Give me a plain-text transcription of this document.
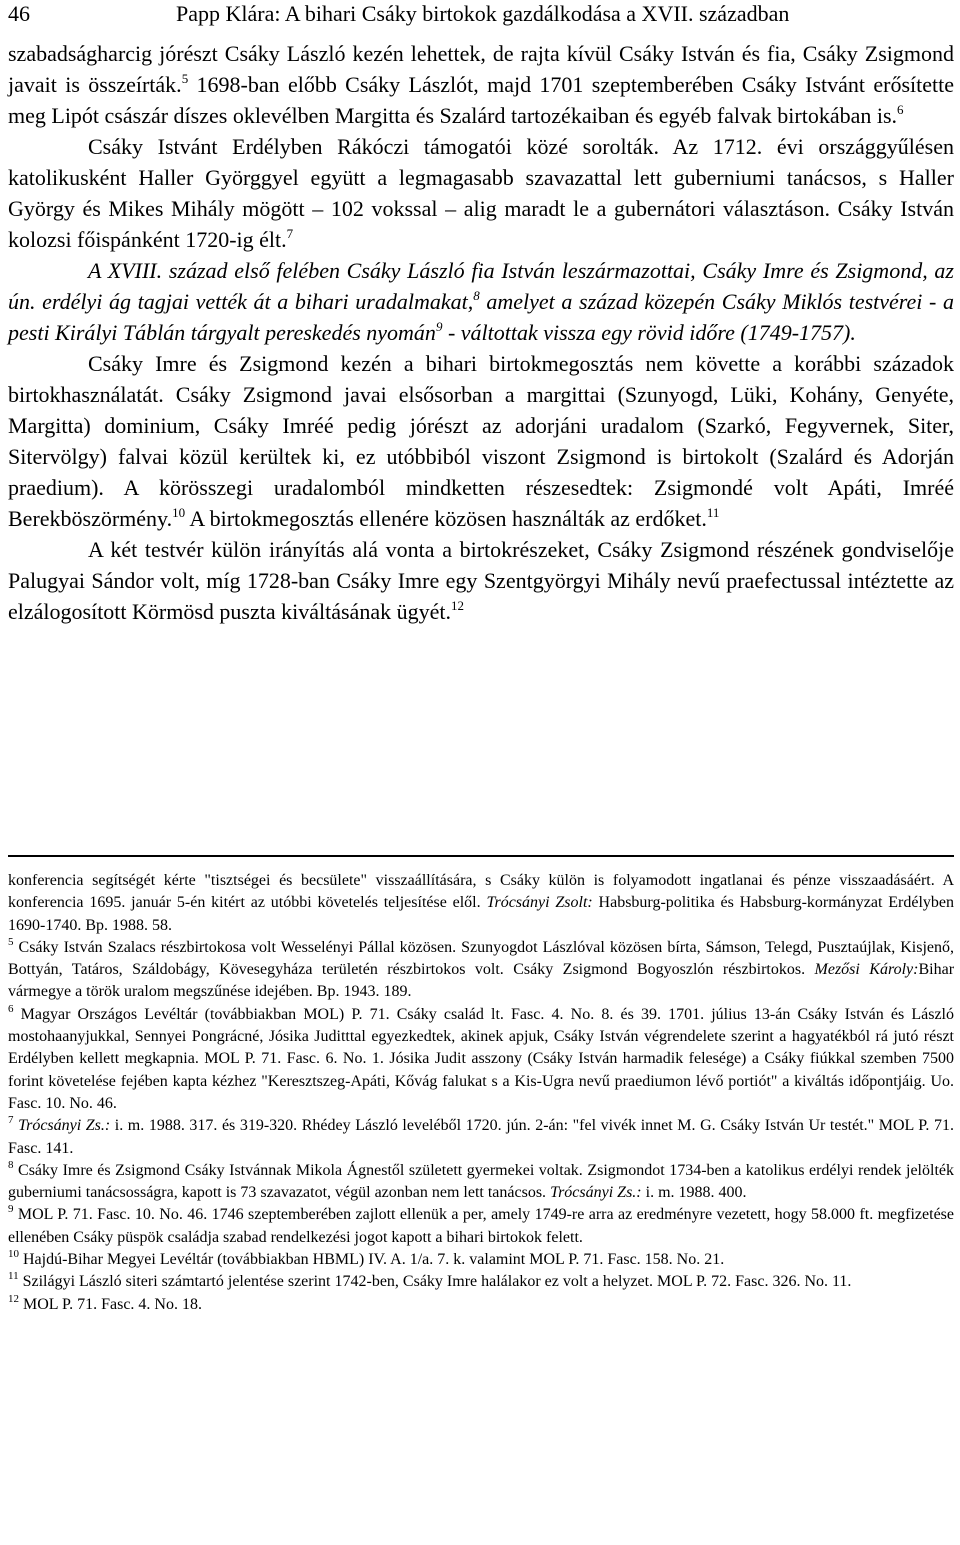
46	Papp Klára: A bihari Csáky birtokok gazdálkodása a XVII. században

szabadságharcig jórészt Csáky László kezén lehettek, de rajta kívül Csáky István és fia, Csáky Zsigmond javait is összeírták.$^5$ 1698-ban előbb Csáky Lászlót, majd 1701 szeptemberében Csáky Istvánt erősítette meg Lipót császár díszes oklevélben Margitta és Szalárd tartozékaiban és egyéb falvak birtokában is.$^6$

Csáky Istvánt Erdélyben Rákóczi támogatói közé sorolták. Az 1712. évi országgyűlésen katolikusként Haller Györggyel együtt a legmagasabb szavazattal lett guberniumi tanácsos, s Haller György és Mikes Mihály mögött – 102 vokssal – alig maradt le a gubernátori választáson. Csáky István kolozsi főispánként 1720-ig élt.$^7$

A XVIII. század első felében Csáky László fia István leszármazottai, Csáky Imre és Zsigmond, az ún. erdélyi ág tagjai vették át a bihari uradalmakat,$^8$ amelyet a század közepén Csáky Miklós testvérei - a pesti Királyi Táblán tárgyalt pereskedés nyomán$^9$ - váltottak vissza egy rövid időre (1749-1757).

Csáky Imre és Zsigmond kezén a bihari birtokmegosztás nem követte a korábbi századok birtokhasználatát. Csáky Zsigmond javai elsősorban a margittai (Szunyogd, Lüki, Kohány, Genyéte, Margitta) dominium, Csáky Imréé pedig jórészt az adorjáni uradalom (Szarkó, Fegyvernek, Siter, Sitervölgy) falvai közül kerültek ki, ez utóbbiból viszont Zsigmond is birtokolt (Szalárd és Adorján praedium). A körösszegi uradalomból mindketten részesedtek: Zsigmondé volt Apáti, Imréé Berekböszörmény.$^{10}$ A birtokmegosztás ellenére közösen használták az erdőket.$^{11}$

A két testvér külön irányítás alá vonta a birtokrészeket, Csáky Zsigmond részének gondviselője Palugyai Sándor volt, míg 1728-ban Csáky Imre egy Szentgyörgyi Mihály nevű praefectussal intéztette az elzálogosított Körmösd puszta kiváltásának ügyét.$^{12}$

konferencia segítségét kérte "tisztségei és becsülete" visszaállítására, s Csáky külön is folyamodott ingatlanai és pénze visszaadásáért. A konferencia 1695. január 5-én kitért az utóbbi követelés teljesítése elől. Trócsányi Zsolt: Habsburg-politika és Habsburg-kormányzat Erdélyben 1690-1740. Bp. 1988. 58.

$^5$ Csáky István Szalacs részbirtokosa volt Wesselényi Pállal közösen. Szunyogdot Lászlóval közösen bírta, Sámson, Telegd, Pusztaújlak, Kisjenő, Bottyán, Tatáros, Száldobágy, Kövesegyháza területén részbirtokos volt. Csáky Zsigmond Bogyoszlón részbirtokos. Mezősi Károly:Bihar vármegye a török uralom megszűnése idejében. Bp. 1943. 189.

$^6$ Magyar Országos Levéltár (továbbiakban MOL) P. 71. Csáky család lt. Fasc. 4. No. 8. és 39. 1701. július 13-án Csáky István és László mostohaanyjukkal, Sennyei Pongrácné, Jósika Juditttal egyezkedtek, akinek apjuk, Csáky István végrendelete szerint a hagyatékból rá jutó részt Erdélyben kellett megkapnia. MOL P. 71. Fasc. 6. No. 1. Jósika Judit asszony (Csáky István harmadik felesége) a Csáky fiúkkal szemben 7500 forint követelése fejében kapta kézhez "Keresztszeg-Apáti, Kővág falukat s a Kis-Ugra nevű praediumon lévő portiót" a kiváltás időpontjáig. Uo. Fasc. 10. No. 46.

$^7$ Trócsányi Zs.: i. m. 1988. 317. és 319-320. Rhédey László leveléből 1720. jún. 2-án: "fel vivék innet M. G. Csáky István Ur testét." MOL P. 71. Fasc. 141.

$^8$ Csáky Imre és Zsigmond Csáky Istvánnak Mikola Ágnestől született gyermekei voltak. Zsigmondot 1734-ben a katolikus erdélyi rendek jelölték guberniumi tanácsosságra, kapott is 73 szavazatot, végül azonban nem lett tanácsos. Trócsányi Zs.: i. m. 1988. 400.

$^9$ MOL P. 71. Fasc. 10. No. 46. 1746 szeptemberében zajlott ellenük a per, amely 1749-re arra az eredményre vezetett, hogy 58.000 ft. megfizetése ellenében Csáky püspök családja szabad rendelkezési jogot kapott a bihari birtokok felett.

$^{10}$ Hajdú-Bihar Megyei Levéltár (továbbiakban HBML) IV. A. 1/a. 7. k. valamint MOL P. 71. Fasc. 158. No. 21.

$^{11}$ Szilágyi László siteri számtartó jelentése szerint 1742-ben, Csáky Imre halálakor ez volt a helyzet. MOL P. 72. Fasc. 326. No. 11.

$^{12}$ MOL P. 71. Fasc. 4. No. 18.
